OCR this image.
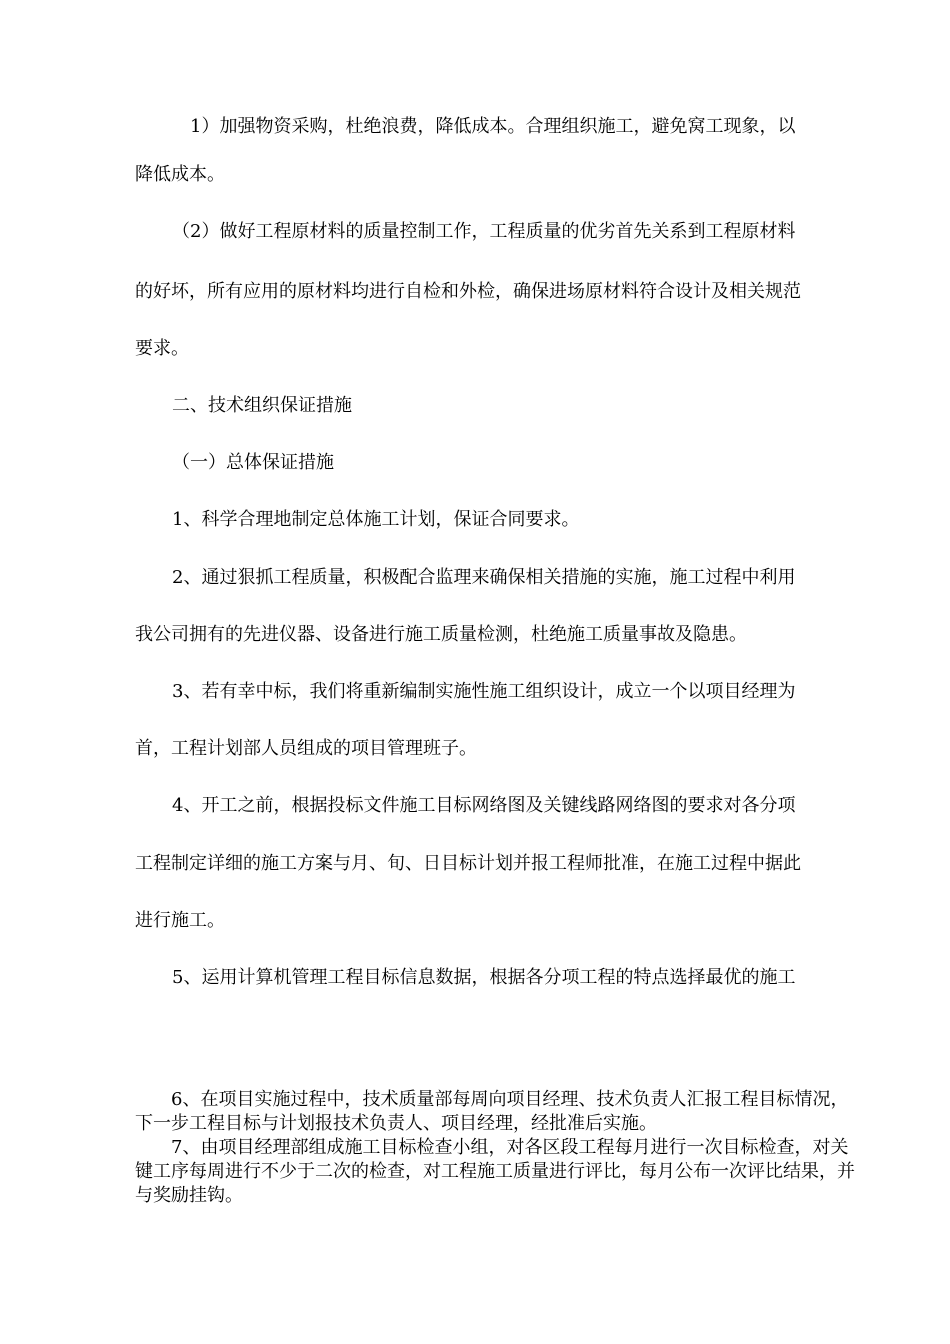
1）加强物资采购，杜绝浪费，降低成本。合理组织施工，避免窝工现象，以

降低成本。

（2）做好工程原材料的质量控制工作，工程质量的优劣首先关系到工程原材料

的好坏，所有应用的原材料均进行自检和外检，确保进场原材料符合设计及相关规范

要求。

二、技术组织保证措施

（一）总体保证措施

1、科学合理地制定总体施工计划，保证合同要求。

2、通过狠抓工程质量，积极配合监理来确保相关措施的实施，施工过程中利用

我公司拥有的先进仪器、设备进行施工质量检测，杜绝施工质量事故及隐患。

3、若有幸中标，我们将重新编制实施性施工组织设计，成立一个以项目经理为

首，工程计划部人员组成的项目管理班子。

4、开工之前，根据投标文件施工目标网络图及关键线路网络图的要求对各分项

工程制定详细的施工方案与月、旬、日目标计划并报工程师批准，在施工过程中据此

进行施工。

5、运用计算机管理工程目标信息数据，根据各分项工程的特点选择最优的施工

6、在项目实施过程中，技术质量部每周向项目经理、技术负责人汇报工程目标情况，下一步工程目标与计划报技术负责人、项目经理，经批准后实施。

7、由项目经理部组成施工目标检查小组，对各区段工程每月进行一次目标检查，对关键工序每周进行不少于二次的检查，对工程施工质量进行评比，每月公布一次评比结果，并与奖励挂钩。
